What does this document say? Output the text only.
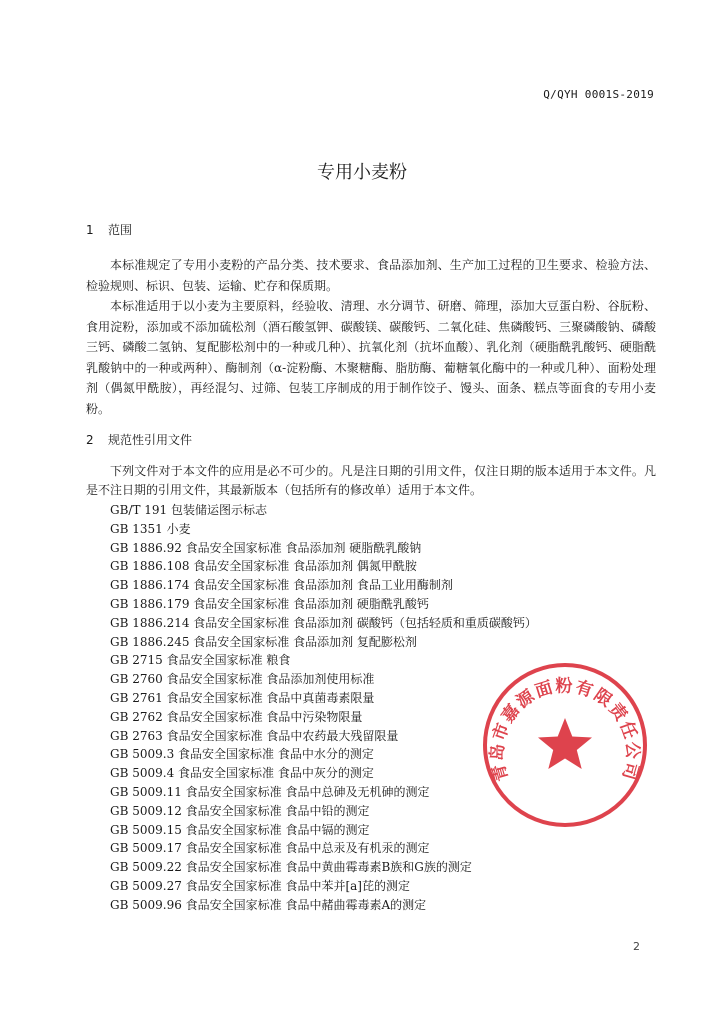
Q/QYH 0001S-2019
专用小麦粉
1 范围

本标准规定了专用小麦粉的产品分类、技术要求、食品添加剂、生产加工过程的卫生要求、检验方法、检验规则、标识、包装、运输、贮存和保质期。

本标准适用于以小麦为主要原料，经验收、清理、水分调节、研磨、筛理，添加大豆蛋白粉、谷朊粉、食用淀粉，添加或不添加硫松剂（酒石酸氢钾、碳酸镁、碳酸钙、二氧化硅、焦磷酸钙、三聚磷酸钠、磷酸三钙、磷酸二氢钠、复配膨松剂中的一种或几种）、抗氧化剂（抗坏血酸）、乳化剂（硬脂酰乳酸钙、硬脂酰乳酸钠中的一种或两种）、酶制剂（α-淀粉酶、木聚糖酶、脂肪酶、葡糖氧化酶中的一种或几种）、面粉处理剂（偶氮甲酰胺），再经混匀、过筛、包装工序制成的用于制作饺子、馒头、面条、糕点等面食的专用小麦粉。

2 规范性引用文件

下列文件对于本文件的应用是必不可少的。凡是注日期的引用文件，仅注日期的版本适用于本文件。凡是不注日期的引用文件，其最新版本（包括所有的修改单）适用于本文件。

GB/T 191 包装储运图示标志
GB 1351 小麦
GB 1886.92 食品安全国家标准 食品添加剂 硬脂酰乳酸钠
GB 1886.108 食品安全国家标准 食品添加剂 偶氮甲酰胺
GB 1886.174 食品安全国家标准 食品添加剂 食品工业用酶制剂
GB 1886.179 食品安全国家标准 食品添加剂 硬脂酰乳酸钙
GB 1886.214 食品安全国家标准 食品添加剂 碳酸钙（包括轻质和重质碳酸钙）
GB 1886.245 食品安全国家标准 食品添加剂 复配膨松剂
GB 2715 食品安全国家标准 粮食
GB 2760 食品安全国家标准 食品添加剂使用标准
GB 2761 食品安全国家标准 食品中真菌毒素限量
GB 2762 食品安全国家标准 食品中污染物限量
GB 2763 食品安全国家标准 食品中农药最大残留限量
GB 5009.3 食品安全国家标准 食品中水分的测定
GB 5009.4 食品安全国家标准 食品中灰分的测定
GB 5009.11 食品安全国家标准 食品中总砷及无机砷的测定
GB 5009.12 食品安全国家标准 食品中铅的测定
GB 5009.15 食品安全国家标准 食品中镉的测定
GB 5009.17 食品安全国家标准 食品中总汞及有机汞的测定
GB 5009.22 食品安全国家标准 食品中黄曲霉毒素B族和G族的测定
GB 5009.27 食品安全国家标准 食品中苯并[a]芘的测定
GB 5009.96 食品安全国家标准 食品中赭曲霉毒素A的测定
青岛市嘉源面粉有限责任公司
2
